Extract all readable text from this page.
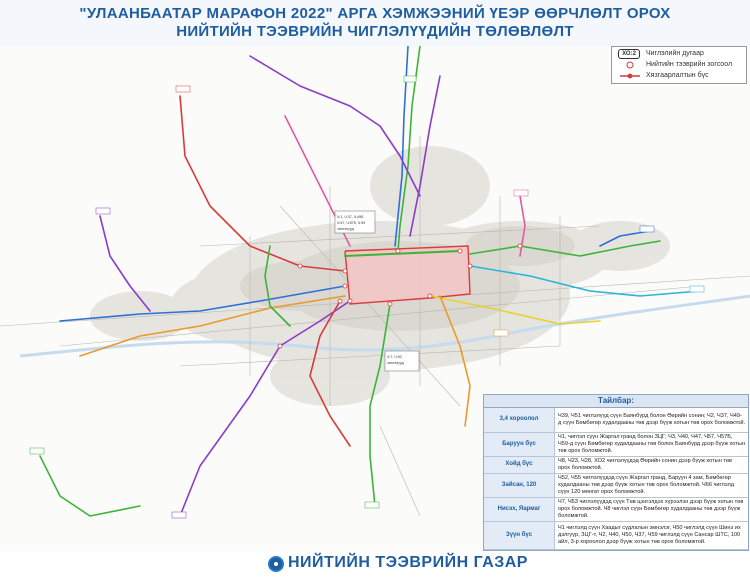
"УЛААНБААТАР МАРАФОН 2022" АРГА ХЭМЖЭЭНИЙ ҮЕЭР ӨӨРЧЛӨЛТ ОРОХ
НИЙТИЙН ТЭЭВРИЙН ЧИГЛЭЛҮҮДИЙН ТӨЛӨВЛӨЛТ
Ч:1, Ч:37, Ч:49б,
Ч:57, Ч:57б, Ч:59
чиглэлүүд
Ч:7, Ч:53
чиглэлүүд
ХО:2	Чиглэлийн дугаар
Нийтийн тээврийн зогсоол
Хязгаарлалтын бүс
Тайлбар:
3,4 хороолол	Ч39, Ч51 чиглэлүүд сүүн Баянбүрд болон Өөрийн сонин; Ч2, Ч37, Ч49-д сүүн Бөмбөгөр худалдааны төв дээр бүүж хотын төв орох боломжтой.
Баруун бүс	Ч1, чиглэл сүүн Жаргал гранд болон ЗЦГ; Ч3, Ч40, Ч47, Ч57, Ч57Б, Ч59-д сүүн Бөмбөгөр худалдааны төв болон Баянбүрд дээр бүүж хотын төв орох боломжтой.
Хойд бүс	Ч8, Ч23, Ч28, ХО2 чиглэлүүдэд Өөрийн сонин дээр бүүж хотын төв орох боломжтой.
Зайсан, 120	Ч52, Ч55 чиглэлүүдэд сүүн Жаргал гранд, Баруун 4 зам, Бөмбөгөр худалдааны төв дээр бүүж хотын төв орох боломжтой. Ч66 чиглэлд сүүн 120 мянгат орох боломжтой.
Нисэх, Яармаг	Ч7, Ч53 чиглэлүүдэд сүүн Төв цэнгэлдэх хүрээлэн дээр бүүж хотын төв орох боломжтой. Ч8 чиглэл сүүн Бөмбөгөр худалдааны төв дээр бүүж боломжтой.
Зүүн бүс	Ч1 чиглэлд сүүн Хаадыг сүдлалын эмнэлэг, Ч50 чиглэлд сүүн Шинэ их дэлгүүр, ЗЦГ-т, Ч2, Ч40, Ч50, Ч37, Ч59 чиглэлд сүүн Сансар ШТС, 100 айл, 3-р хороолол дээр бүүж хотын төв орох боломжтой.
НИЙТИЙН ТЭЭВРИЙН ГАЗАР
